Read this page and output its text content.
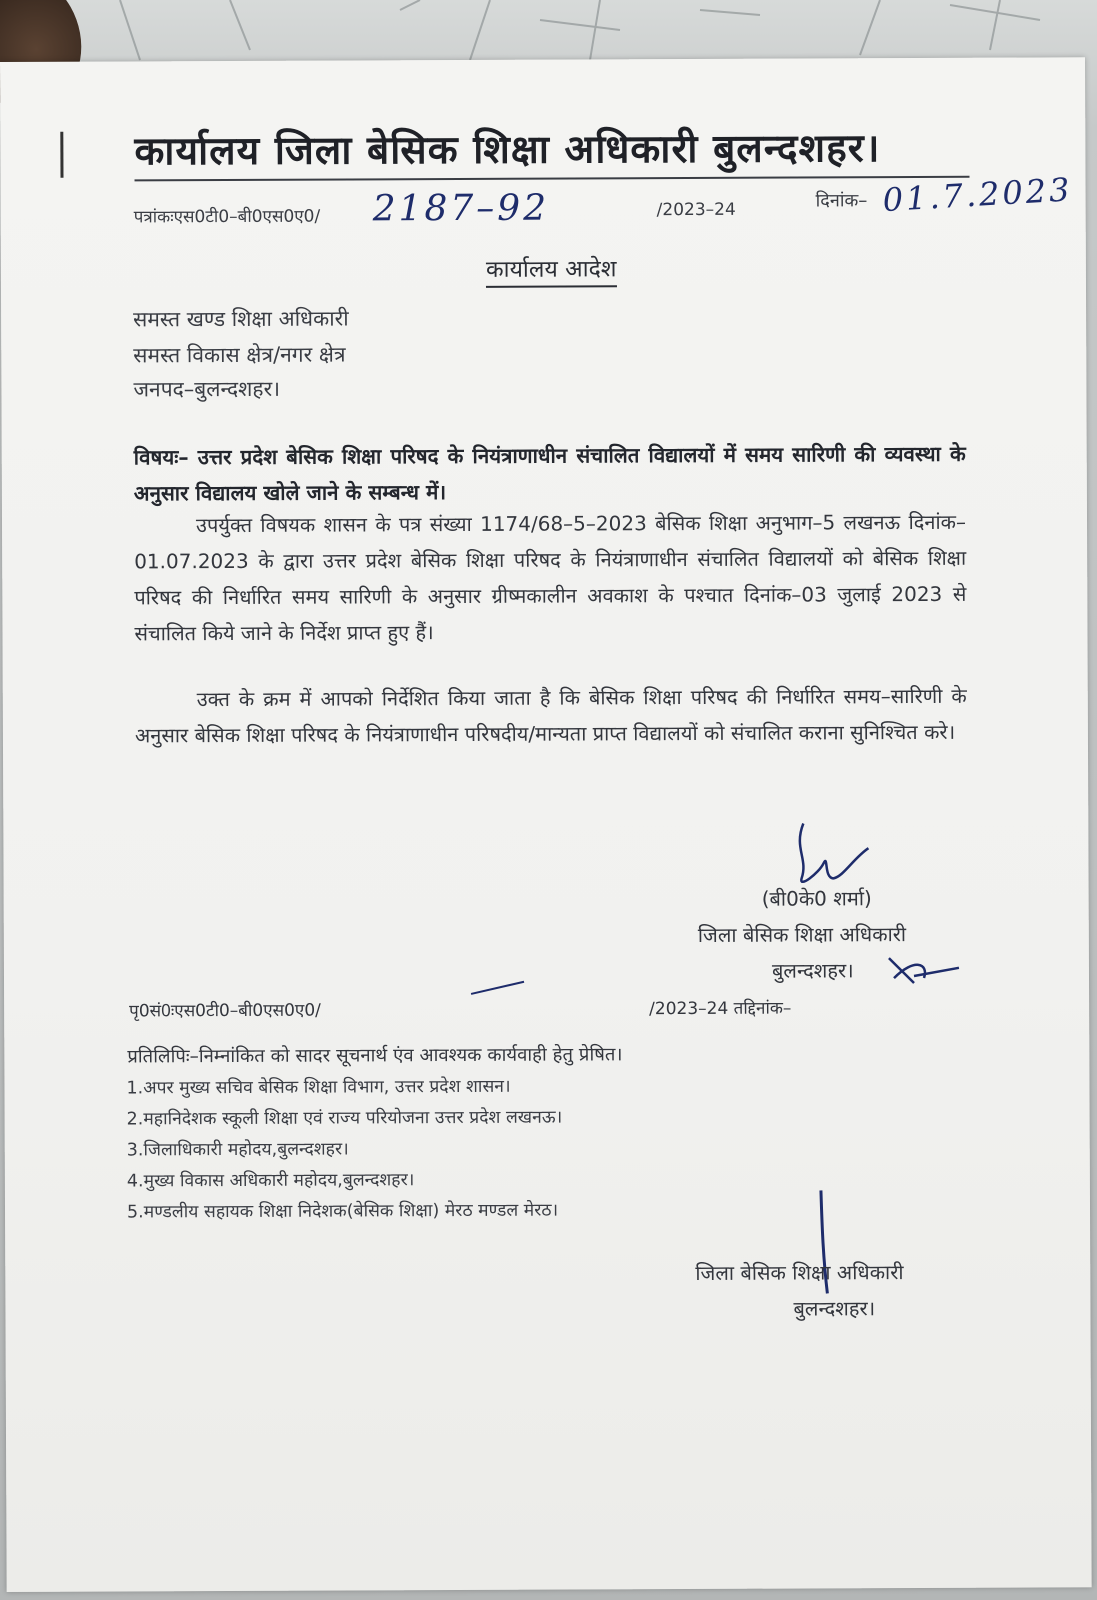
कार्यालय जिला बेसिक शिक्षा अधिकारी बुलन्दशहर।
पत्रांकःएस0टी0–बी0एस0ए0/ 2187–92	/2023–24	दिनांक– 01.7.2023
कार्यालय आदेश
समस्त खण्ड शिक्षा अधिकारी
समस्त विकास क्षेत्र/नगर क्षेत्र
जनपद–बुलन्दशहर।
विषयः– उत्तर प्रदेश बेसिक शिक्षा परिषद के नियंत्राणाधीन संचालित विद्यालयों में समय सारिणी की व्यवस्था के अनुसार विद्यालय खोले जाने के सम्बन्ध में।
उपर्युक्त विषयक शासन के पत्र संख्या 1174/68–5–2023 बेसिक शिक्षा अनुभाग–5 लखनऊ दिनांक–01.07.2023 के द्वारा उत्तर प्रदेश बेसिक शिक्षा परिषद के नियंत्राणाधीन संचालित विद्यालयों को बेसिक शिक्षा परिषद की निर्धारित समय सारिणी के अनुसार ग्रीष्मकालीन अवकाश के पश्चात दिनांक–03 जुलाई 2023 से संचालित किये जाने के निर्देश प्राप्त हुए हैं।
उक्त के क्रम में आपको निर्देशित किया जाता है कि बेसिक शिक्षा परिषद की निर्धारित समय–सारिणी के अनुसार बेसिक शिक्षा परिषद के नियंत्राणाधीन परिषदीय/मान्यता प्राप्त विद्यालयों को संचालित कराना सुनिश्चित करे।
(बी0के0 शर्मा)
जिला बेसिक शिक्षा अधिकारी
बुलन्दशहर।
पृ0सं0ःएस0टी0–बी0एस0ए0/	/2023–24 तद्दिनांक–
प्रतिलिपिः–निम्नांकित को सादर सूचनार्थ एंव आवश्यक कार्यवाही हेतु प्रेषित।
1.अपर मुख्य सचिव बेसिक शिक्षा विभाग, उत्तर प्रदेश शासन।
2.महानिदेशक स्कूली शिक्षा एवं राज्य परियोजना उत्तर प्रदेश लखनऊ।
3.जिलाधिकारी महोदय,बुलन्दशहर।
4.मुख्य विकास अधिकारी महोदय,बुलन्दशहर।
5.मण्डलीय सहायक शिक्षा निदेशक(बेसिक शिक्षा) मेरठ मण्डल मेरठ।
जिला बेसिक शिक्षा अधिकारी
बुलन्दशहर।
